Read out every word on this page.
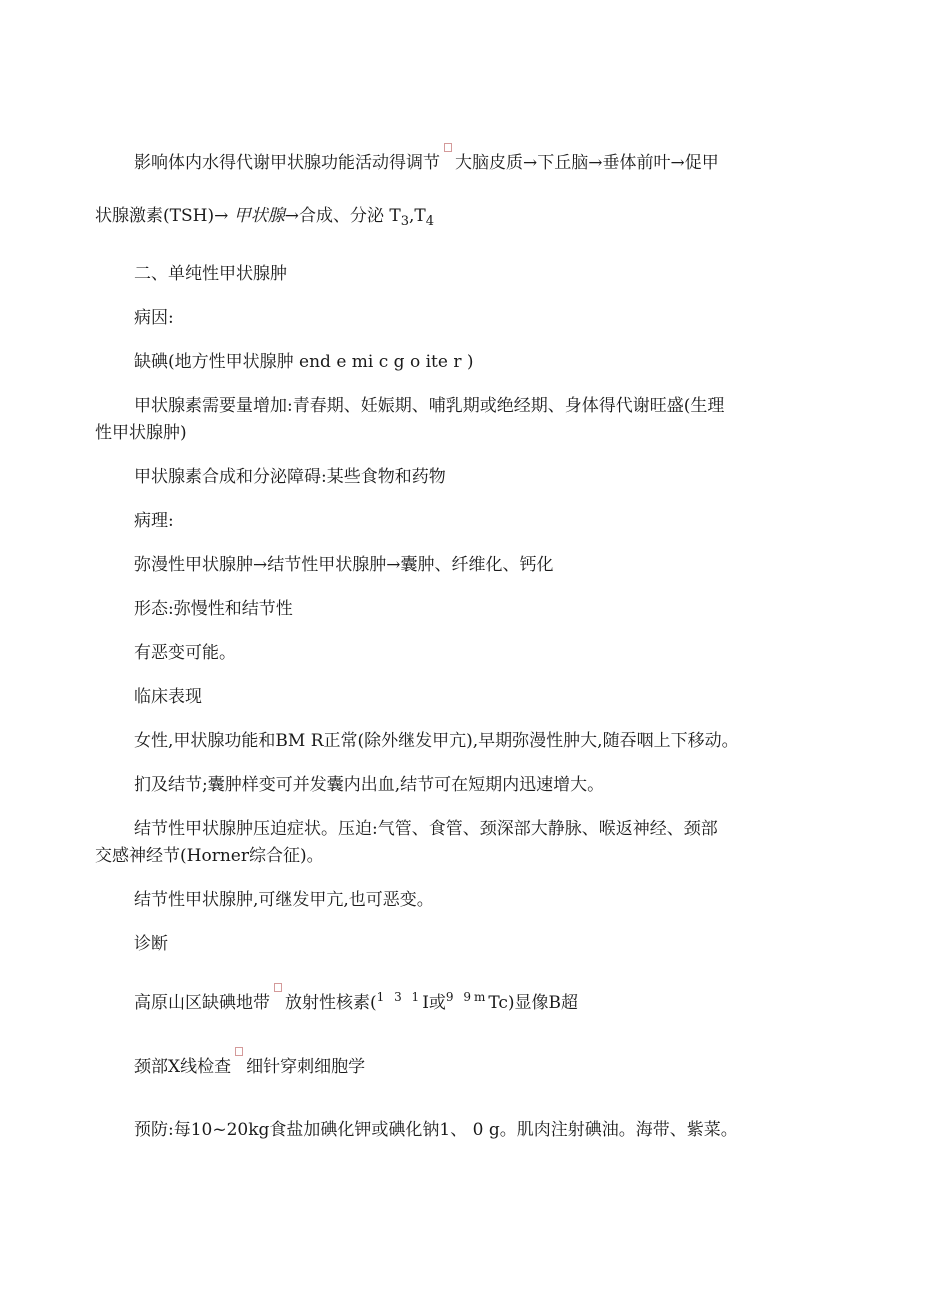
影响体内水得代谢甲状腺功能活动得调节 大脑皮质→下丘脑→垂体前叶→促甲
状腺激素(TSH)→ 甲状腺→合成、分泌 $T_3,T_4$
二、单纯性甲状腺肿
病因:
缺碘(地方性甲状腺肿 end e mi c g o ite r )
甲状腺素需要量增加:青春期、妊娠期、哺乳期或绝经期、身体得代谢旺盛(生理
性甲状腺肿)
甲状腺素合成和分泌障碍:某些食物和药物
病理:
弥漫性甲状腺肿→结节性甲状腺肿→囊肿、纤维化、钙化
形态:弥慢性和结节性
有恶变可能。
临床表现
女性,甲状腺功能和BM R正常(除外继发甲亢),早期弥漫性肿大,随吞咽上下移动。
扪及结节;囊肿样变可并发囊内出血,结节可在短期内迅速增大。
结节性甲状腺肿压迫症状。压迫:气管、食管、颈深部大静脉、喉返神经、颈部
交感神经节(Horner综合征)。
结节性甲状腺肿,可继发甲亢,也可恶变。
诊断
高原山区缺碘地带 放射性核素($^{1 3 1}$I或$^{9 9m}$Tc)显像B超
颈部X线检查 细针穿刺细胞学
预防:每10~20kg食盐加碘化钾或碘化钠1、 0 g。肌肉注射碘油。海带、紫菜。
